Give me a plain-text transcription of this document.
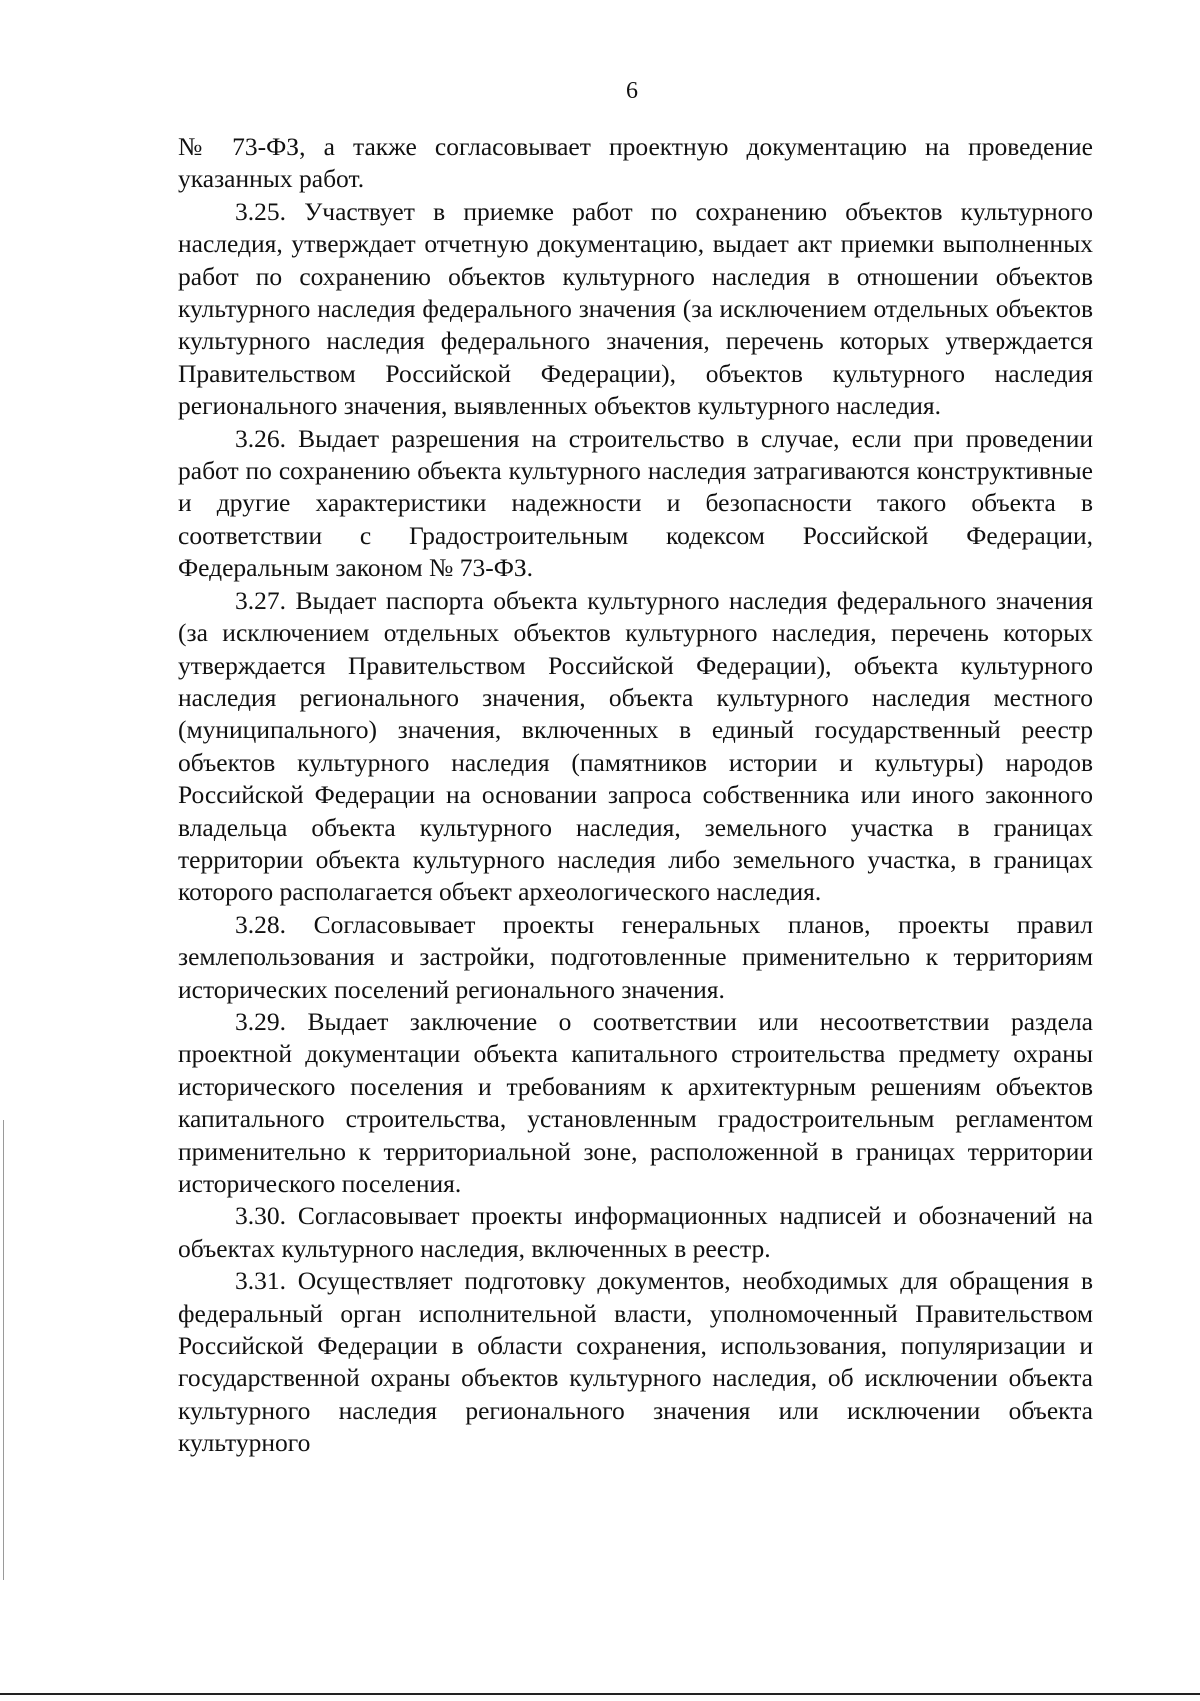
6

№ 73-ФЗ, а также согласовывает проектную документацию на проведение указанных работ.

3.25. Участвует в приемке работ по сохранению объектов культурного наследия, утверждает отчетную документацию, выдает акт приемки выполненных работ по сохранению объектов культурного наследия в отношении объектов культурного наследия федерального значения (за исключением отдельных объектов культурного наследия федерального значения, перечень которых утверждается Правительством Российской Федерации), объектов культурного наследия регионального значения, выявленных объектов культурного наследия.

3.26. Выдает разрешения на строительство в случае, если при проведении работ по сохранению объекта культурного наследия затрагиваются конструктивные и другие характеристики надежности и безопасности такого объекта в соответствии с Градостроительным кодексом Российской Федерации, Федеральным законом № 73-ФЗ.

3.27. Выдает паспорта объекта культурного наследия федерального значения (за исключением отдельных объектов культурного наследия, перечень которых утверждается Правительством Российской Федерации), объекта культурного наследия регионального значения, объекта культурного наследия местного (муниципального) значения, включенных в единый государственный реестр объектов культурного наследия (памятников истории и культуры) народов Российской Федерации на основании запроса собственника или иного законного владельца объекта культурного наследия, земельного участка в границах территории объекта культурного наследия либо земельного участка, в границах которого располагается объект археологического наследия.

3.28. Согласовывает проекты генеральных планов, проекты правил землепользования и застройки, подготовленные применительно к территориям исторических поселений регионального значения.

3.29. Выдает заключение о соответствии или несоответствии раздела проектной документации объекта капитального строительства предмету охраны исторического поселения и требованиям к архитектурным решениям объектов капитального строительства, установленным градостроительным регламентом применительно к территориальной зоне, расположенной в границах территории исторического поселения.

3.30. Согласовывает проекты информационных надписей и обозначений на объектах культурного наследия, включенных в реестр.

3.31. Осуществляет подготовку документов, необходимых для обращения в федеральный орган исполнительной власти, уполномоченный Правительством Российской Федерации в области сохранения, использования, популяризации и государственной охраны объектов культурного наследия, об исключении объекта культурного наследия регионального значения или исключении объекта культурного
